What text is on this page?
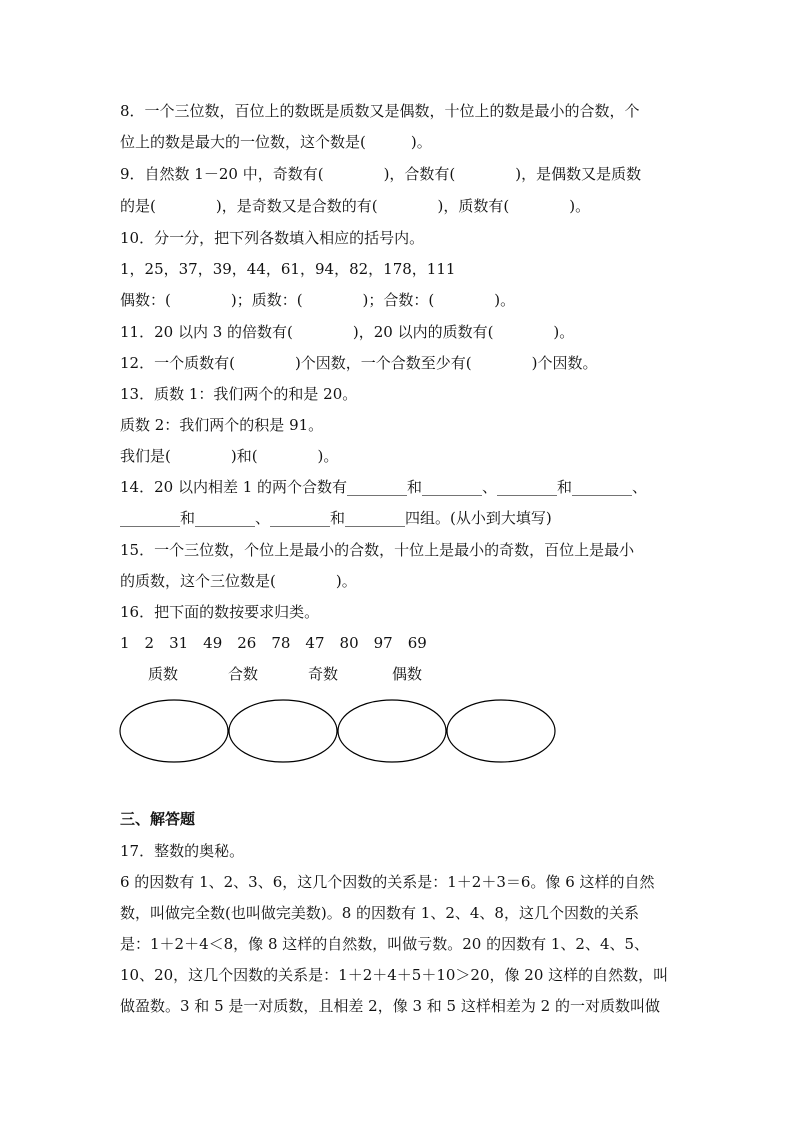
8．一个三位数，百位上的数既是质数又是偶数，十位上的数是最小的合数，个
位上的数是最大的一位数，这个数是(　　　)。
9．自然数 1－20 中，奇数有(　　　　)，合数有(　　　　)，是偶数又是质数
的是(　　　　)，是奇数又是合数的有(　　　　)，质数有(　　　　)。
10．分一分，把下列各数填入相应的括号内。
1，25，37，39，44，61，94，82，178，111
偶数：(　　　　)；质数：(　　　　)；合数：(　　　　)。
11．20 以内 3 的倍数有(　　　　)，20 以内的质数有(　　　　)。
12．一个质数有(　　　　)个因数，一个合数至少有(　　　　)个因数。
13．质数 1：我们两个的和是 20。
质数 2：我们两个的积是 91。
我们是(　　　　)和(　　　　)。
14．20 以内相差 1 的两个合数有________和________、________和________、
________和________、________和________四组。(从小到大填写)
15．一个三位数，个位上是最小的合数，十位上是最小的奇数，百位上是最小
的质数，这个三位数是(　　　　)。
16．把下面的数按要求归类。
1　2　31　49　26　78　47　80　97　69
质数	合数	奇数	偶数
三、解答题
17．整数的奥秘。
6 的因数有 1、2、3、6，这几个因数的关系是：1＋2＋3＝6。像 6 这样的自然
数，叫做完全数(也叫做完美数)。8 的因数有 1、2、4、8，这几个因数的关系
是：1＋2＋4＜8，像 8 这样的自然数，叫做亏数。20 的因数有 1、2、4、5、
10、20，这几个因数的关系是：1＋2＋4＋5＋10＞20，像 20 这样的自然数，叫
做盈数。3 和 5 是一对质数，且相差 2，像 3 和 5 这样相差为 2 的一对质数叫做
